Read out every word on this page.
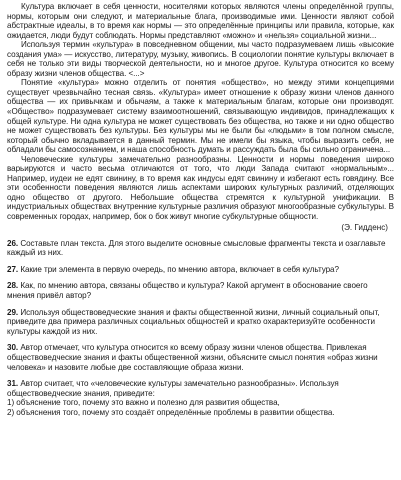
Культура включает в себя ценности, носителями которых являются члены определённой группы, нормы, которым они следуют, и материальные блага, производимые ими. Ценности являют собой абстрактные идеалы, в то время как нормы — это определённые принципы или правила, которые, как ожидается, люди будут соблюдать. Нормы представляют «можно» и «нельзя» социальной жизни...

Используя термин «культура» в повседневном общении, мы часто подразумеваем лишь «высокие создания ума» — искусство, литературу, музыку, живопись. В социологии понятие культуры включает в себя не только эти виды творческой деятельности, но и многое другое. Культура относится ко всему образу жизни членов общества. <...>

Понятие «культура» можно отделить от понятия «общество», но между этими концепциями существует чрезвычайно тесная связь. «Культура» имеет отношение к образу жизни членов данного общества — их привычкам и обычаям, а также к материальным благам, которые они производят. «Общество» подразумевает систему взаимоотношений, связывающую индивидов, принадлежащих к общей культуре. Ни одна культура не может существовать без общества, но также и ни одно общество не может существовать без культуры. Без культуры мы не были бы «людьми» в том полном смысле, который обычно вкладывается в данный термин. Мы не имели бы языка, чтобы выразить себя, не обладали бы самосознанием, и наша способность думать и рассуждать была бы сильно ограничена...

Человеческие культуры замечательно разнообразны. Ценности и нормы поведения широко варьируются и часто весьма отличаются от того, что люди Запада считают «нормальным»... Например, иудеи не едят свинину, в то время как индусы едят свинину и избегают есть говядину. Все эти особенности поведения являются лишь аспектами широких культурных различий, отделяющих одно общество от другого. Небольшие общества стремятся к культурной унификации. В индустриальных обществах внутренние культурные различия образуют многообразные субкультуры. В современных городах, например, бок о бок живут многие субкультурные общности.

(Э. Гидденс)
26. Составьте план текста. Для этого выделите основные смысловые фрагменты текста и озаглавьте каждый из них.
27. Какие три элемента в первую очередь, по мнению автора, включает в себя культура?
28. Как, по мнению автора, связаны общество и культура? Какой аргумент в обоснование своего мнения привёл автор?
29. Используя обществоведческие знания и факты общественной жизни, личный социальный опыт, приведите два примера различных социальных общностей и кратко охарактеризуйте особенности культуры каждой из них.
30. Автор отмечает, что культура относится ко всему образу жизни членов общества. Привлекая обществоведческие знания и факты общественной жизни, объясните смысл понятия «образ жизни человека» и назовите любые две составляющие образа жизни.
31. Автор считает, что «человеческие культуры замечательно разнообразны». Используя обществоведческие знания, приведите:
1) объяснение того, почему это важно и полезно для развития общества,
2) объяснения того, почему это создаёт определённые проблемы в развитии общества.
